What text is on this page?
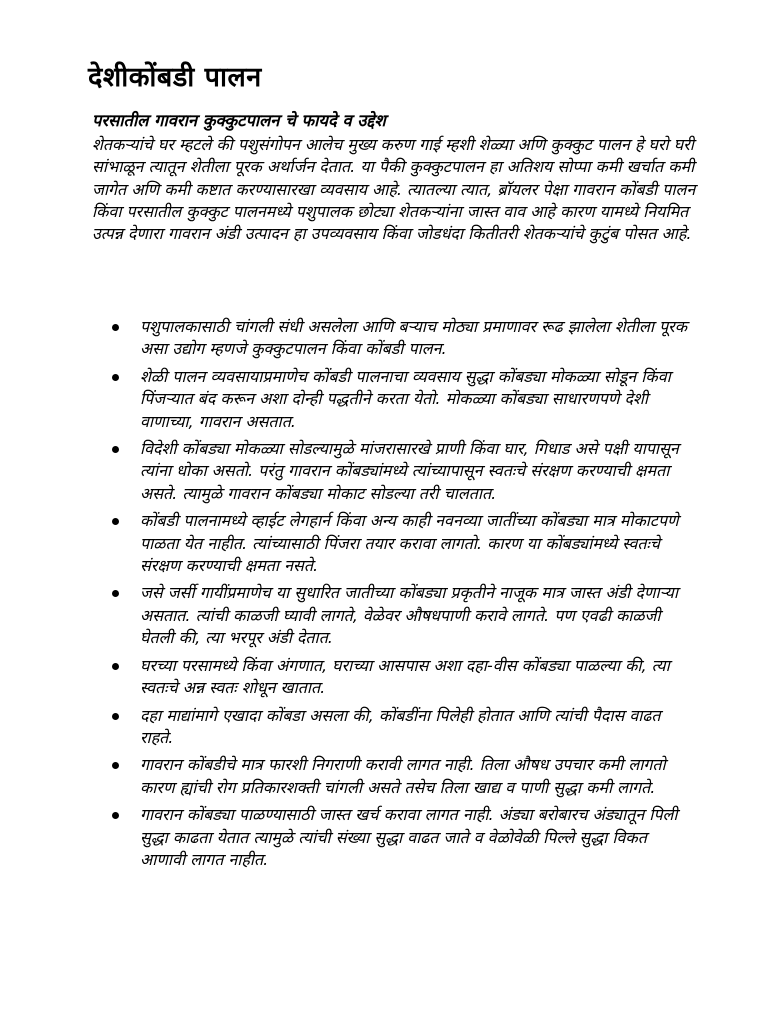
देशीकोंबडी पालन
परसातील गावरान कुक्कुटपालन चे फायदे व उद्देश

शेतकऱ्यांचे घर म्हटले की पशुसंगोपन आलेच मुख्य करुण गाई म्हशी शेळ्या अणि कुक्कुट पालन हे घरो घरी सांभाळून त्यातून शेतीला पूरक अर्थार्जन देतात. या पैकी कुक्कुटपालन हा अतिशय सोप्पा कमी खर्चात कमी जागेत अणि कमी कष्टात करण्यासारखा व्यवसाय आहे. त्यातल्या त्यात, ब्रॉयलर पेक्षा गावरान कोंबडी पालन किंवा परसातील कुक्कुट पालनमध्ये पशुपालक छोट्या शेतकऱ्यांना जास्त वाव आहे कारण यामध्ये नियमित उत्पन्न देणारा गावरान अंडी उत्पादन हा उपव्यवसाय किंवा जोडधंदा कितीतरी शेतकऱ्यांचे कुटुंब पोसत आहे.

पशुपालकासाठी चांगली संधी असलेला आणि बऱ्याच मोठ्या प्रमाणावर रूढ झालेला शेतीला पूरक असा उद्योग म्हणजे कुक्कुटपालन किंवा कोंबडी पालन.
शेळी पालन व्यवसायाप्रमाणेच कोंबडी पालनाचा व्यवसाय सुद्धा कोंबड्या मोकळ्या सोडून किंवा पिंजऱ्यात बंद करून अशा दोन्ही पद्धतीने करता येतो. मोकळ्या कोंबड्या साधारणपणे देशी वाणाच्या, गावरान असतात.
विदेशी कोंबड्या मोकळ्या सोडल्यामुळे मांजरासारखे प्राणी किंवा घार, गिधाड असे पक्षी यापासून त्यांना धोका असतो. परंतु गावरान कोंबड्यांमध्ये त्यांच्यापासून स्वतःचे संरक्षण करण्याची क्षमता असते. त्यामुळे गावरान कोंबड्या मोकाट सोडल्या तरी चालतात.
कोंबडी पालनामध्ये व्हाईट लेगहार्न किंवा अन्य काही नवनव्या जातींच्या कोंबड्या मात्र मोकाटपणे पाळता येत नाहीत. त्यांच्यासाठी पिंजरा तयार करावा लागतो. कारण या कोंबड्यांमध्ये स्वतःचे संरक्षण करण्याची क्षमता नसते.
जसे जर्सी गायींप्रमाणेच या सुधारित जातीच्या कोंबड्या प्रकृतीने नाजूक मात्र जास्त अंडी देणाऱ्या असतात. त्यांची काळजी घ्यावी लागते, वेळेवर औषधपाणी करावे लागते. पण एवढी काळजी घेतली की, त्या भरपूर अंडी देतात.
घरच्या परसामध्ये किंवा अंगणात, घराच्या आसपास अशा दहा-वीस कोंबड्या पाळल्या की, त्या स्वतःचे अन्न स्वतः शोधून खातात.
दहा माद्यांमागे एखादा कोंबडा असला की, कोंबडींना पिलेही होतात आणि त्यांची पैदास वाढत राहते.
गावरान कोंबडीचे मात्र फारशी निगराणी करावी लागत नाही. तिला औषध उपचार कमी लागतो कारण ह्यांची रोग प्रतिकारशक्ती चांगली असते तसेच तिला खाद्य व पाणी सुद्धा कमी लागते.
गावरान कोंबड्या पाळण्यासाठी जास्त खर्च करावा लागत नाही. अंड्या बरोबारच अंड्यातून पिली सुद्धा काढता येतात त्यामुळे त्यांची संख्या सुद्धा वाढत जाते व वेळोवेळी पिल्ले सुद्धा विकत आणावी लागत नाहीत.
